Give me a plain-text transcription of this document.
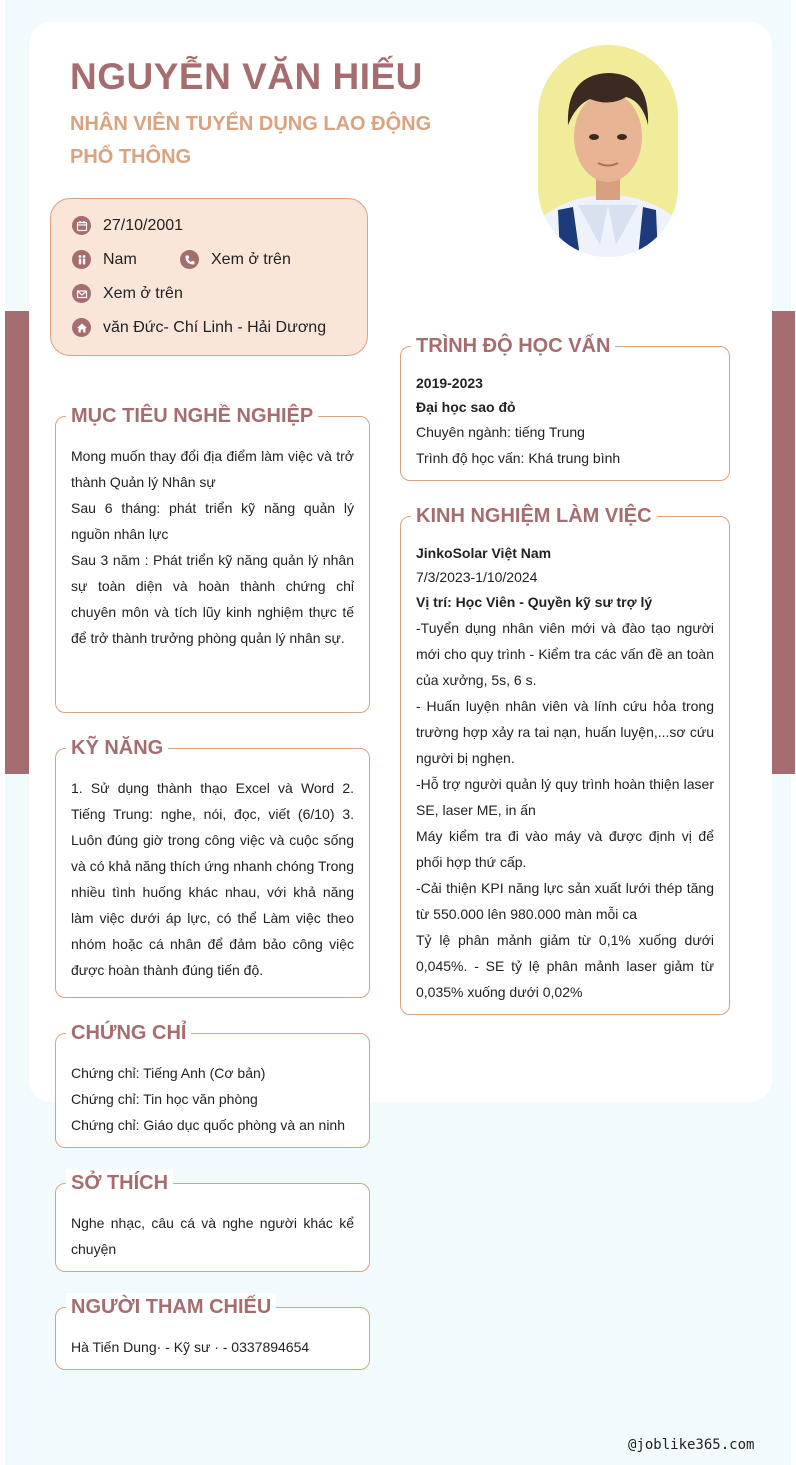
NGUYỄN VĂN HIẾU
NHÂN VIÊN TUYỂN DỤNG LAO ĐỘNG PHỔ THÔNG
27/10/2001
Nam	Xem ở trên
Xem ở trên
văn Đức- Chí Linh - Hải Dương
MỤC TIÊU NGHỀ NGHIỆP

Mong muốn thay đổi địa điểm làm việc và trở thành Quản lý Nhân sự

Sau 6 tháng: phát triển kỹ năng quản lý nguồn nhân lực

Sau 3 năm : Phát triển kỹ năng quản lý nhân sự toàn diện và hoàn thành chứng chỉ chuyên môn và tích lũy kinh nghiệm thực tế để trở thành trưởng phòng quản lý nhân sự.

KỸ NĂNG

1. Sử dụng thành thạo Excel và Word 2. Tiếng Trung: nghe, nói, đọc, viết (6/10) 3. Luôn đúng giờ trong công việc và cuộc sống và có khả năng thích ứng nhanh chóng Trong nhiều tình huống khác nhau, với khả năng làm việc dưới áp lực, có thể Làm việc theo nhóm hoặc cá nhân để đảm bảo công việc được hoàn thành đúng tiến độ.

CHỨNG CHỈ

Chứng chỉ: Tiếng Anh (Cơ bản)

Chứng chỉ: Tin học văn phòng

Chứng chỉ: Giáo dục quốc phòng và an ninh

SỞ THÍCH

Nghe nhạc, câu cá và nghe người khác kể chuyện

NGƯỜI THAM CHIẾU

Hà Tiến Dung· - Kỹ sư · - 0337894654

TRÌNH ĐỘ HỌC VẤN

2019-2023

Đại học sao đỏ

Chuyên ngành: tiếng Trung

Trình độ học vấn: Khá trung bình

KINH NGHIỆM LÀM VIỆC

JinkoSolar Việt Nam

7/3/2023-1/10/2024

Vị trí: Học Viên - Quyền kỹ sư trợ lý

-Tuyển dụng nhân viên mới và đào tạo người mới cho quy trình - Kiểm tra các vấn đề an toàn của xưởng, 5s, 6 s.

- Huấn luyện nhân viên và lính cứu hỏa trong trường hợp xảy ra tai nạn, huấn luyện,...sơ cứu người bị nghẹn.

-Hỗ trợ người quản lý quy trình hoàn thiện laser SE, laser ME, in ấn

Máy kiểm tra đi vào máy và được định vị để phối hợp thứ cấp.

-Cải thiện KPI năng lực sản xuất lưới thép tăng từ 550.000 lên 980.000 màn mỗi ca

Tỷ lệ phân mảnh giảm từ 0,1% xuống dưới 0,045%. - SE tỷ lệ phân mảnh laser giảm từ 0,035% xuống dưới 0,02%

@joblike365.com
